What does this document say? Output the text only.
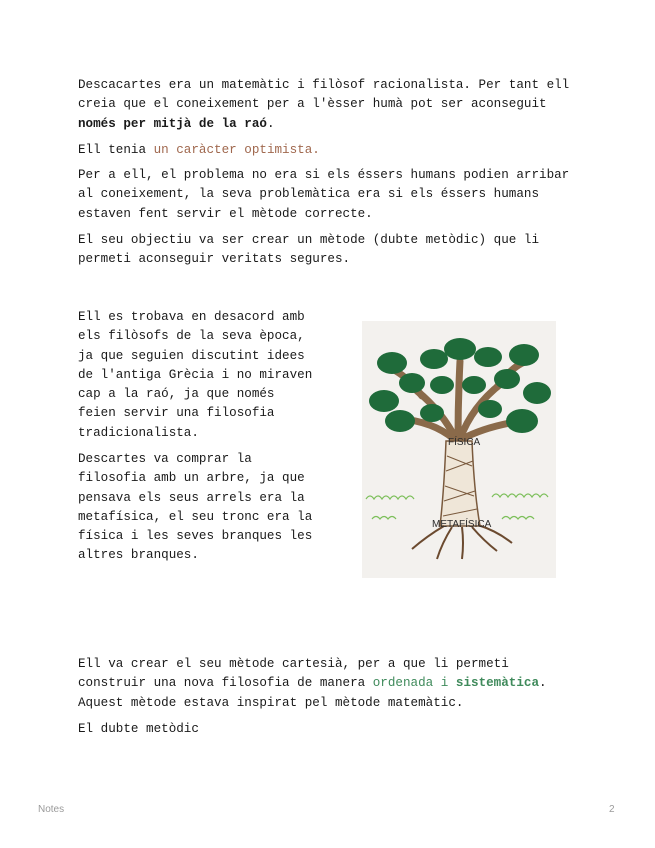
Descacartes era un matemàtic i filòsof racionalista. Per tant ell creia que el coneixement per a l'èsser humà pot ser aconseguit només per mitjà de la raó.

Ell tenia un caràcter optimista.

Per a ell, el problema no era si els éssers humans podien arribar al coneixement, la seva problemàtica era si els éssers humans estaven fent servir el mètode correcte.

El seu objectiu va ser crear un mètode (dubte metòdic) que li permeti aconseguir veritats segures.

Ell es trobava en desacord amb els filòsofs de la seva època, ja que seguien discutint idees de l'antiga Grècia i no miraven cap a la raó, ja que només feien servir una filosofia tradicionalista.

Descartes va comprar la filosofia amb un arbre, ja que pensava els seus arrels era la metafísica, el seu tronc era la física i les seves branques les altres branques.

FÍSICA
METAFÍSICA

Ell va crear el seu mètode cartesià, per a que li permeti construir una nova filosofia de manera ordenada i sistemàtica. Aquest mètode estava inspirat pel mètode matemàtic.

El dubte metòdic

Notes	2
